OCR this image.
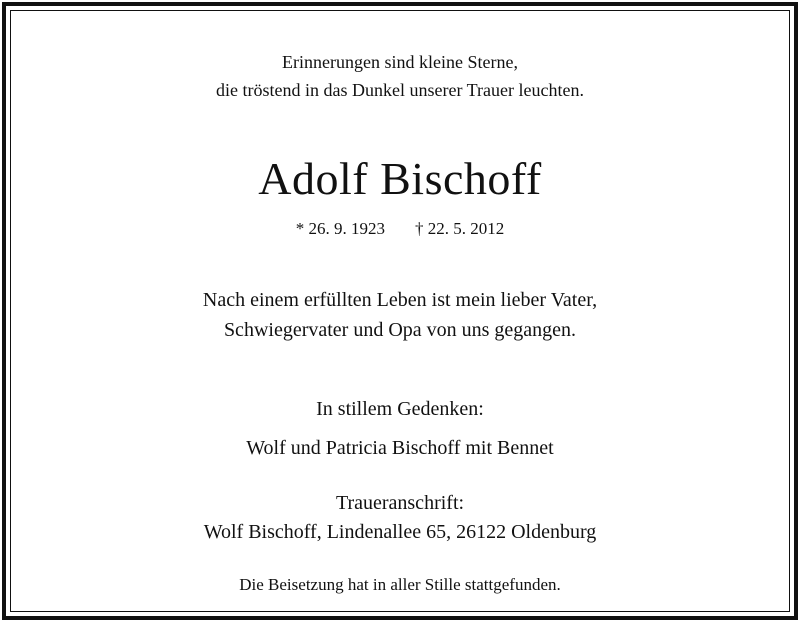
Erinnerungen sind kleine Sterne,
die tröstend in das Dunkel unserer Trauer leuchten.
Adolf Bischoff
* 26. 9. 1923 † 22. 5. 2012
Nach einem erfüllten Leben ist mein lieber Vater,
Schwiegervater und Opa von uns gegangen.
In stillem Gedenken:
Wolf und Patricia Bischoff mit Bennet
Traueranschrift:
Wolf Bischoff, Lindenallee 65, 26122 Oldenburg
Die Beisetzung hat in aller Stille stattgefunden.
